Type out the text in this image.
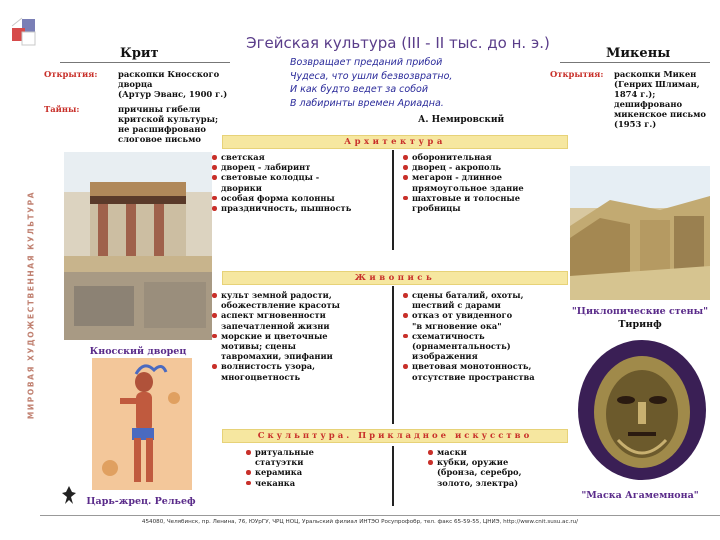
МИРОВАЯ ХУДОЖЕСТВЕННАЯ КУЛЬТУРА
Эгейская культура (III - II тыс. до н. э.)
Крит
Открытия: раскопки Кносского
дворца
(Артур Эванс, 1900 г.)
Тайны:	причины гибели
критской культуры;
не расшифровано
слоговое письмо
Микены
Открытия: раскопки Микен
(Генрих Шлиман,
1874 г.);
дешифровано
микенское письмо
(1953 г.)
Возвращает преданий прибой
Чудеса, что ушли безвозвратно,
И как будто ведет за собой
В лабиринты времен Ариадна.
А. Немировский
Архитектура
Живопись
Скульптура. Прикладное искусство
светская
дворец - лабиринт
световые колодцы -
дворики
особая форма колонны
праздничность, пышность
оборонительная
дворец - акрополь
мегарон - длинное
прямоугольное здание
шахтовые и толосные
гробницы
культ земной радости,
обожествление красоты
аспект мгновенности
запечатленной жизни
морские и цветочные
мотивы; сцены
тавромахии, эпифании
волнистость узора,
многоцветность
сцены баталий, охоты,
шествий с дарами
отказ от увиденного
"в мгновение ока"
схематичность
(орнаментальность)
изображения
цветовая монотонность,
отсутствие пространства
ритуальные
статуэтки
керамика
чеканка
маски
кубки, оружие
(бронза, серебро,
золото, электра)
Кносский дворец
Царь-жрец. Рельеф
"Циклопические стены"
Тиринф
"Маска Агамемнона"
454080, Челябинск, пр. Ленина, 76, ЮУрГУ, ЧРЦ НОЦ, Уральский филиал ИНТЭО Росупрофобр, тел. факс 65-59-55, ЦНИЭ, http://www.cnit.susu.ac.ru/
